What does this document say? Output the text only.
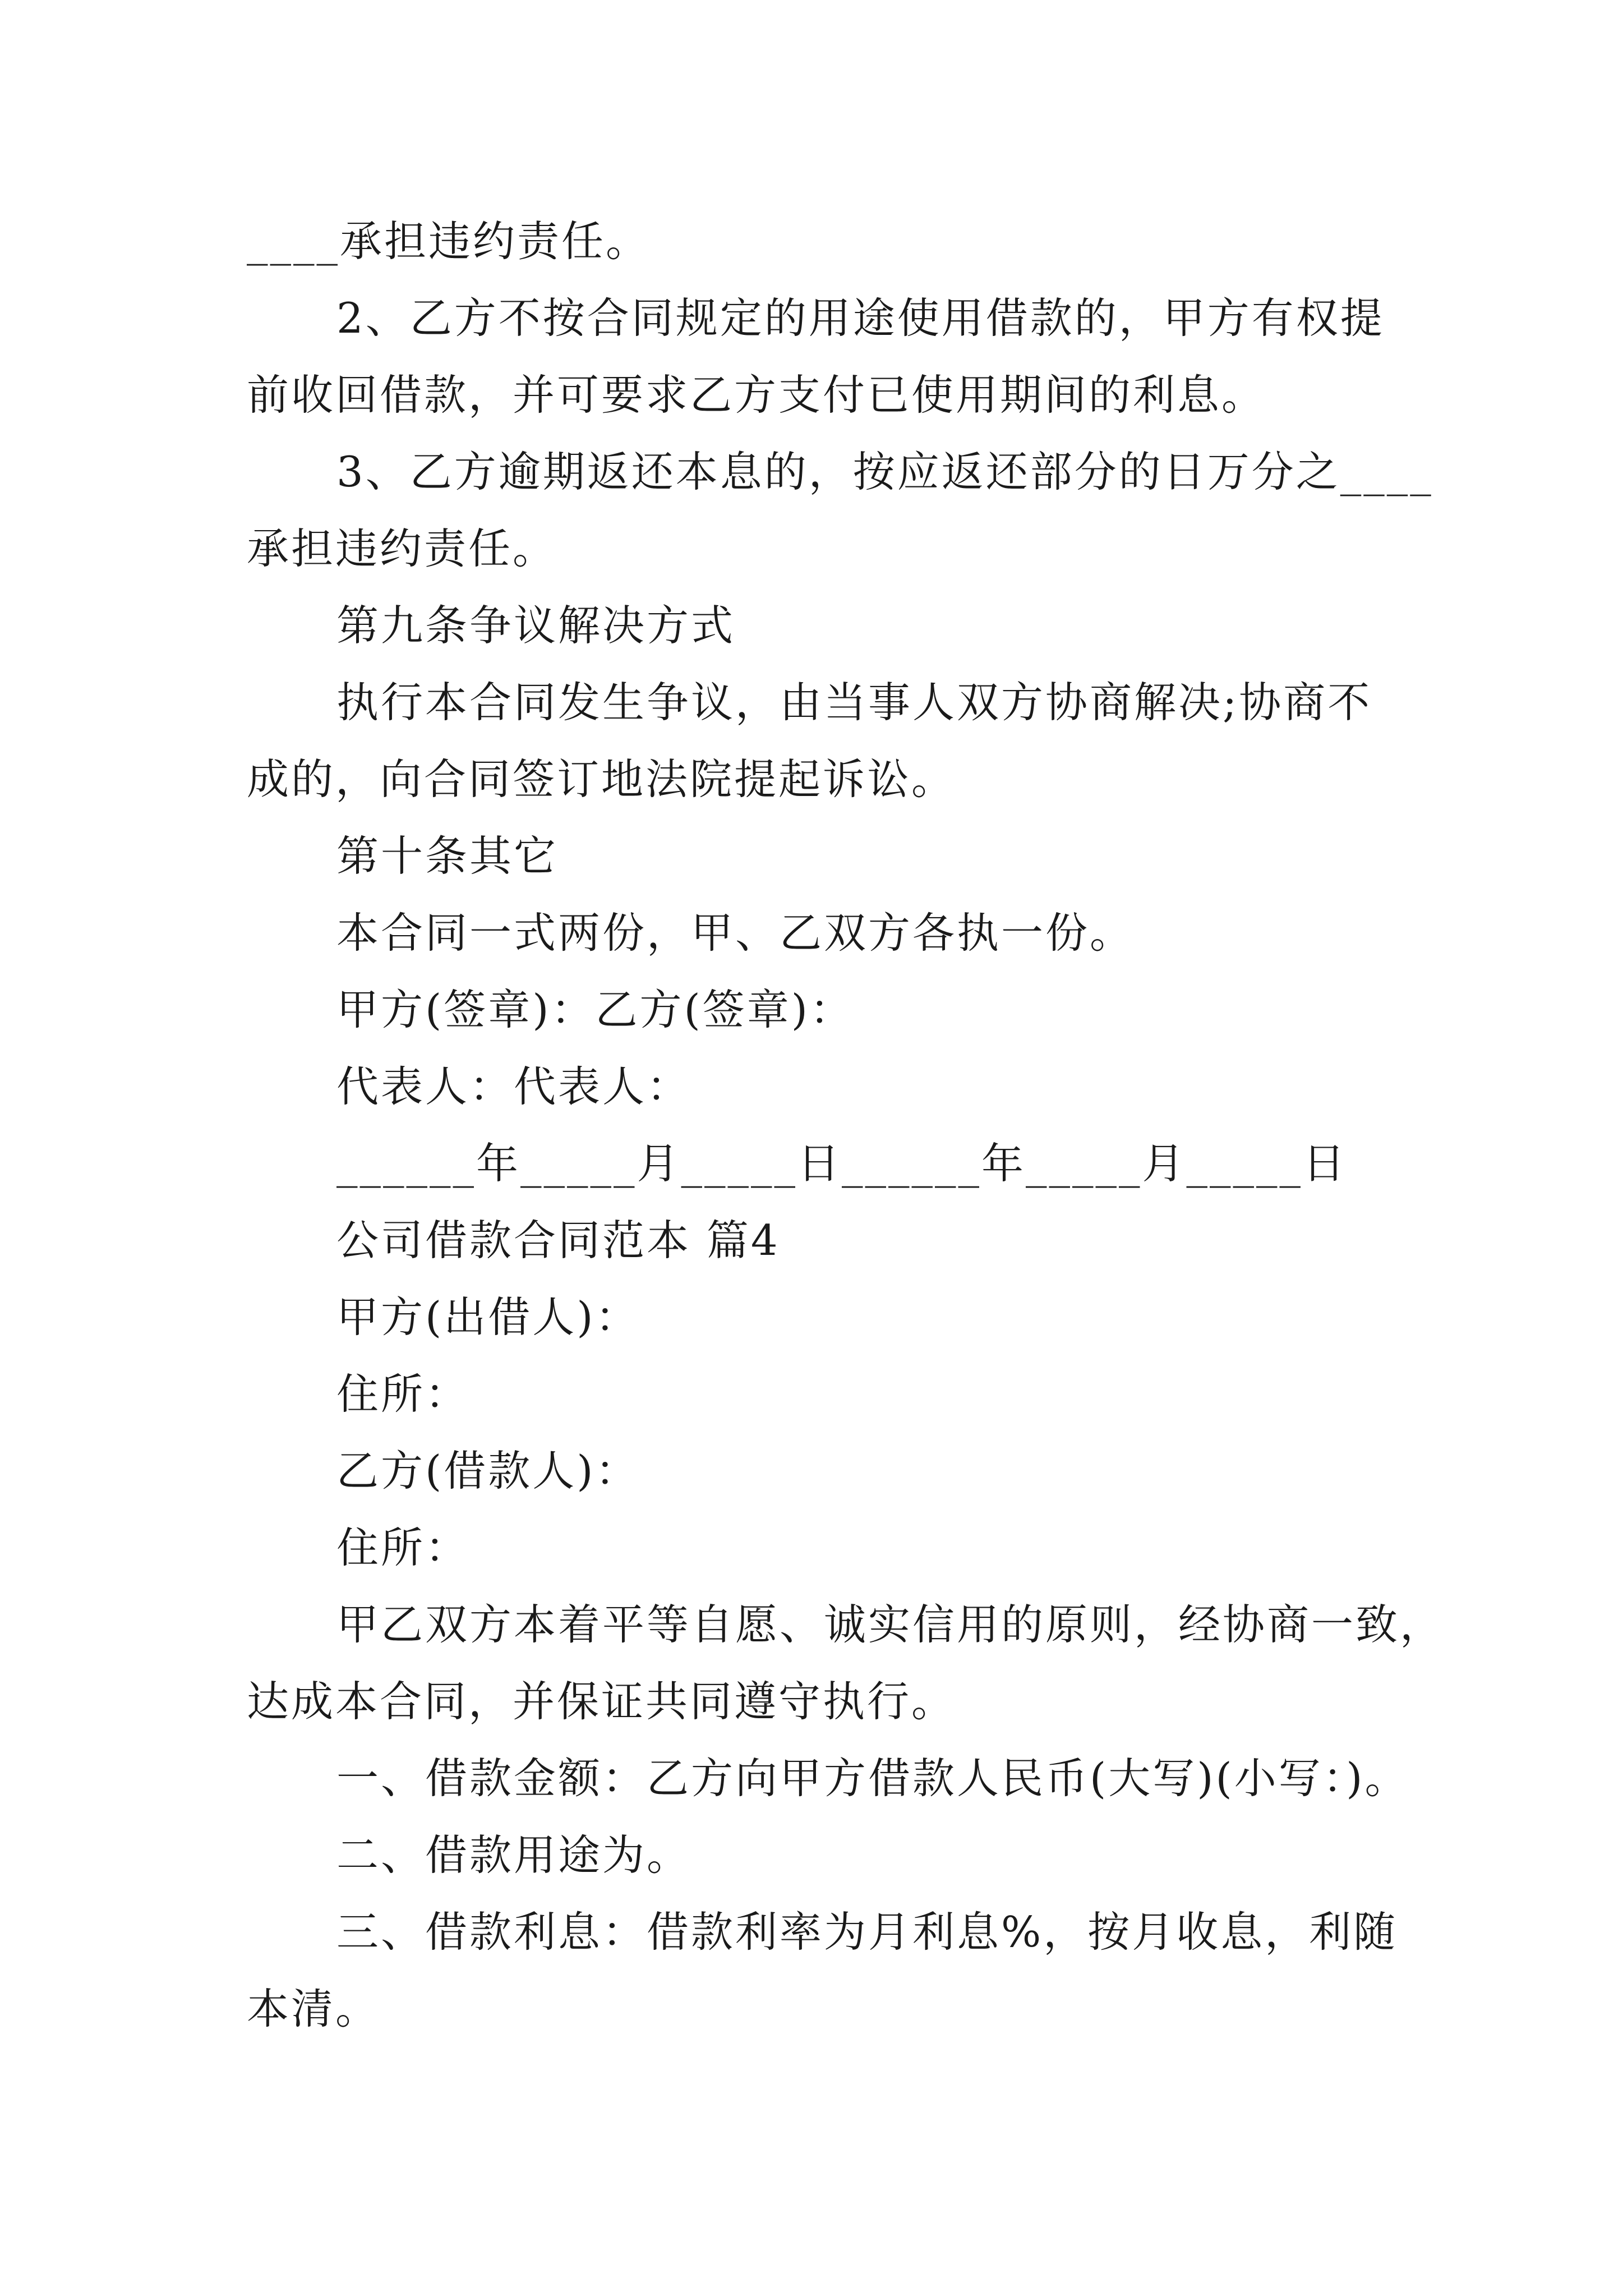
____承担违约责任。
2、乙方不按合同规定的用途使用借款的，甲方有权提
前收回借款，并可要求乙方支付已使用期间的利息。
3、乙方逾期返还本息的，按应返还部分的日万分之____
承担违约责任。
第九条争议解决方式
执行本合同发生争议，由当事人双方协商解决;协商不
成的，向合同签订地法院提起诉讼。
第十条其它
本合同一式两份，甲、乙双方各执一份。
甲方(签章)：乙方(签章)：
代表人：代表人：
______年_____月_____日______年_____月_____日
公司借款合同范本 篇4
甲方(出借人)：
住所：
乙方(借款人)：
住所：
甲乙双方本着平等自愿、诚实信用的原则，经协商一致，
达成本合同，并保证共同遵守执行。
一、借款金额：乙方向甲方借款人民币(大写)(小写：)。
二、借款用途为。
三、借款利息：借款利率为月利息%，按月收息，利随
本清。
